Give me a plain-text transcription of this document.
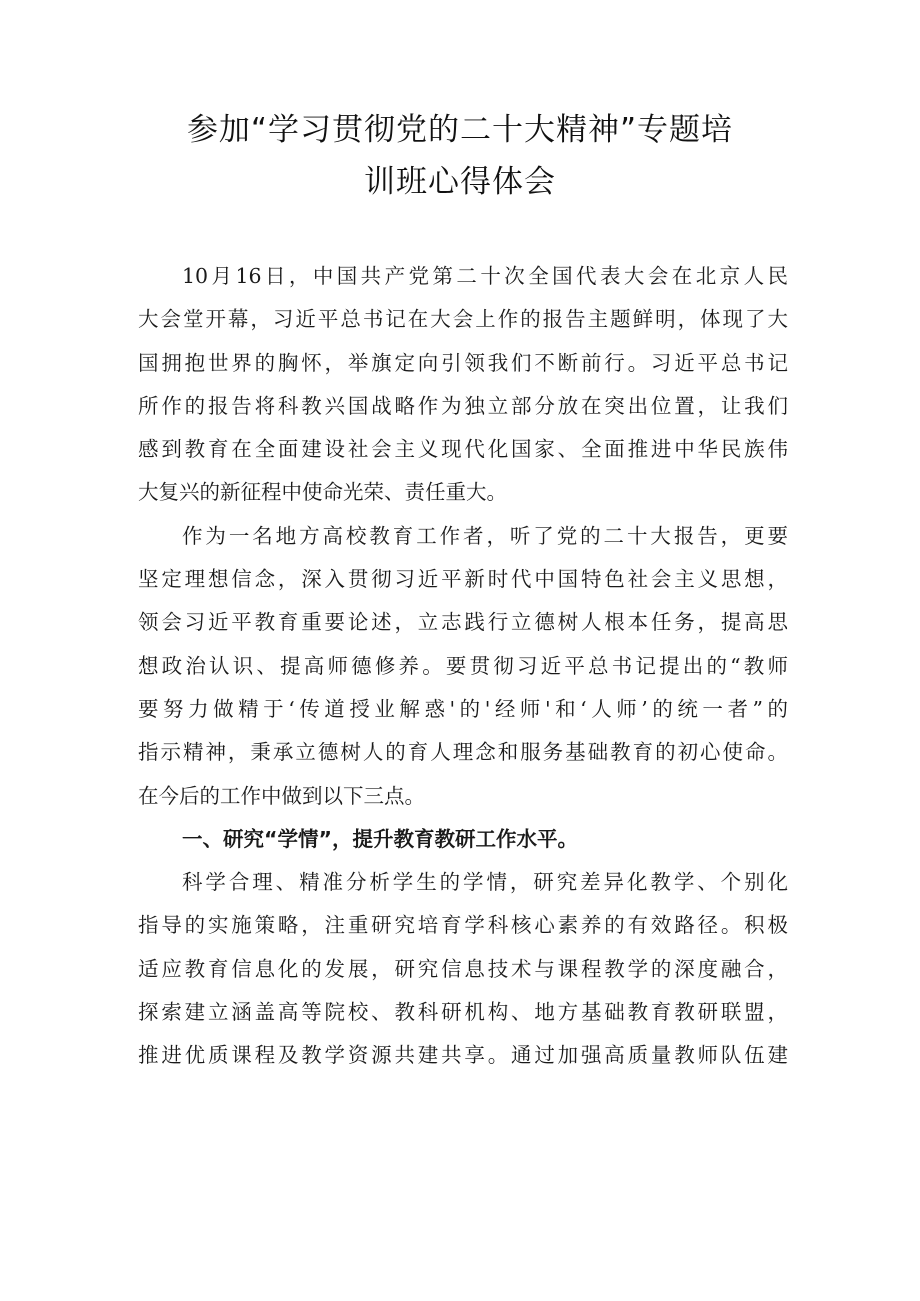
参加“学习贯彻党的二十大精神”专题培
训班心得体会
10月16日，中国共产党第二十次全国代表大会在北京人民
大会堂开幕，习近平总书记在大会上作的报告主题鲜明，体现了大
国拥抱世界的胸怀，举旗定向引领我们不断前行。习近平总书记
所作的报告将科教兴国战略作为独立部分放在突出位置，让我们
感到教育在全面建设社会主义现代化国家、全面推进中华民族伟
大复兴的新征程中使命光荣、责任重大。
作为一名地方高校教育工作者，听了党的二十大报告，更要
坚定理想信念，深入贯彻习近平新时代中国特色社会主义思想，
领会习近平教育重要论述，立志践行立德树人根本任务，提高思
想政治认识、提高师德修养。要贯彻习近平总书记提出的“教师
要努力做精于‘传道授业解惑'的'经师'和‘人师’的统一者”的
指示精神，秉承立德树人的育人理念和服务基础教育的初心使命。
在今后的工作中做到以下三点。
一、研究“学情”，提升教育教研工作水平。
科学合理、精准分析学生的学情，研究差异化教学、个别化
指导的实施策略，注重研究培育学科核心素养的有效路径。积极
适应教育信息化的发展，研究信息技术与课程教学的深度融合，
探索建立涵盖高等院校、教科研机构、地方基础教育教研联盟，
推进优质课程及教学资源共建共享。通过加强高质量教师队伍建
